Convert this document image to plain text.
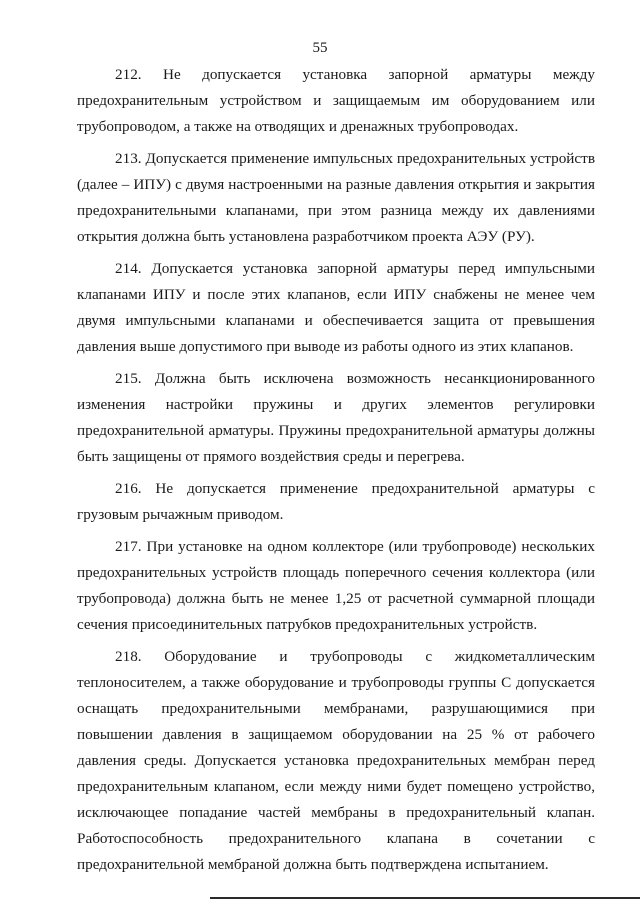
55

212. Не допускается установка запорной арматуры между предохранительным устройством и защищаемым им оборудованием или трубопроводом, а также на отводящих и дренажных трубопроводах.

213. Допускается применение импульсных предохранительных устройств (далее – ИПУ) с двумя настроенными на разные давления открытия и закрытия предохранительными клапанами, при этом разница между их давлениями открытия должна быть установлена разработчиком проекта АЭУ (РУ).

214. Допускается установка запорной арматуры перед импульсными клапанами ИПУ и после этих клапанов, если ИПУ снабжены не менее чем двумя импульсными клапанами и обеспечивается защита от превышения давления выше допустимого при выводе из работы одного из этих клапанов.

215. Должна быть исключена возможность несанкционированного изменения настройки пружины и других элементов регулировки предохранительной арматуры. Пружины предохранительной арматуры должны быть защищены от прямого воздействия среды и перегрева.

216. Не допускается применение предохранительной арматуры с грузовым рычажным приводом.

217. При установке на одном коллекторе (или трубопроводе) нескольких предохранительных устройств площадь поперечного сечения коллектора (или трубопровода) должна быть не менее 1,25 от расчетной суммарной площади сечения присоединительных патрубков предохранительных устройств.

218. Оборудование и трубопроводы с жидкометаллическим теплоносителем, а также оборудование и трубопроводы группы С допускается оснащать предохранительными мембранами, разрушающимися при повышении давления в защищаемом оборудовании на 25 % от рабочего давления среды. Допускается установка предохранительных мембран перед предохранительным клапаном, если между ними будет помещено устройство, исключающее попадание частей мембраны в предохранительный клапан. Работоспособность предохранительного клапана в сочетании с предохранительной мембраной должна быть подтверждена испытанием.
